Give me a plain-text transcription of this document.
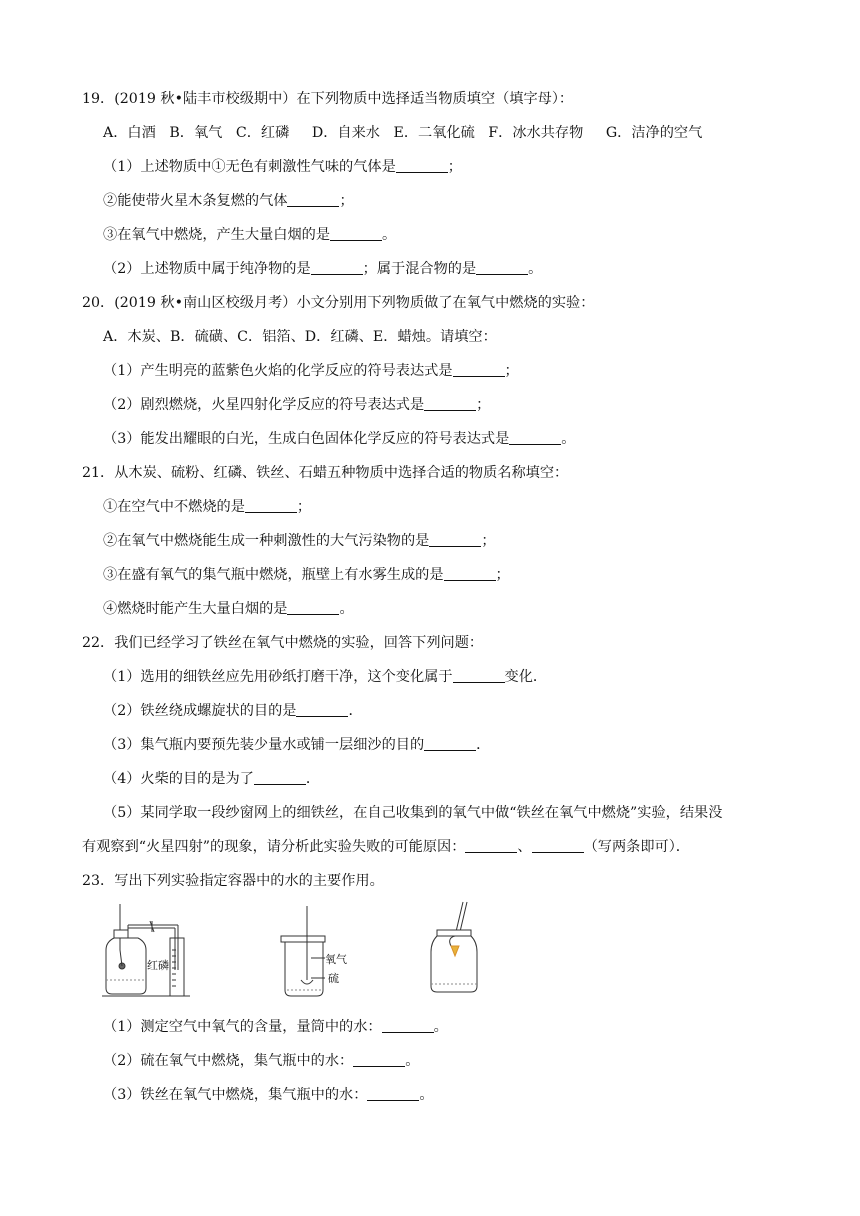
19．(2019 秋•陆丰市校级期中）在下列物质中选择适当物质填空（填字母）：
A．白酒   B．氧气   C．红磷     D．自来水   E．二氧化硫   F．冰水共存物     G．洁净的空气
（1）上述物质中①无色有刺激性气味的气体是	；
②能使带火星木条复燃的气体	；
③在氧气中燃烧，产生大量白烟的是	。
（2）上述物质中属于纯净物的是	；属于混合物的是	。
20．(2019 秋•南山区校级月考）小文分别用下列物质做了在氧气中燃烧的实验：
A．木炭、B．硫磺、C．铝箔、D．红磷、E．蜡烛。请填空：
（1）产生明亮的蓝紫色火焰的化学反应的符号表达式是	；
（2）剧烈燃烧，火星四射化学反应的符号表达式是	；
（3）能发出耀眼的白光，生成白色固体化学反应的符号表达式是	。
21．从木炭、硫粉、红磷、铁丝、石蜡五种物质中选择合适的物质名称填空：
①在空气中不燃烧的是	；
②在氧气中燃烧能生成一种刺激性的大气污染物的是	；
③在盛有氧气的集气瓶中燃烧，瓶壁上有水雾生成的是	；
④燃烧时能产生大量白烟的是	。
22．我们已经学习了铁丝在氧气中燃烧的实验，回答下列问题：
（1）选用的细铁丝应先用砂纸打磨干净，这个变化属于	变化．
（2）铁丝绕成螺旋状的目的是	．
（3）集气瓶内要预先装少量水或铺一层细沙的目的	．
（4）火柴的目的是为了	．
（5）某同学取一段纱窗网上的细铁丝，在自己收集到的氧气中做“铁丝在氧气中燃烧”实验，结果没
有观察到“火星四射”的现象，请分析此实验失败的可能原因：	、	（写两条即可）．
23．写出下列实验指定容器中的水的主要作用。
红磷	氧气
硫
（1）测定空气中氧气的含量，量筒中的水：	。
（2）硫在氧气中燃烧，集气瓶中的水：	。
（3）铁丝在氧气中燃烧，集气瓶中的水：	。
